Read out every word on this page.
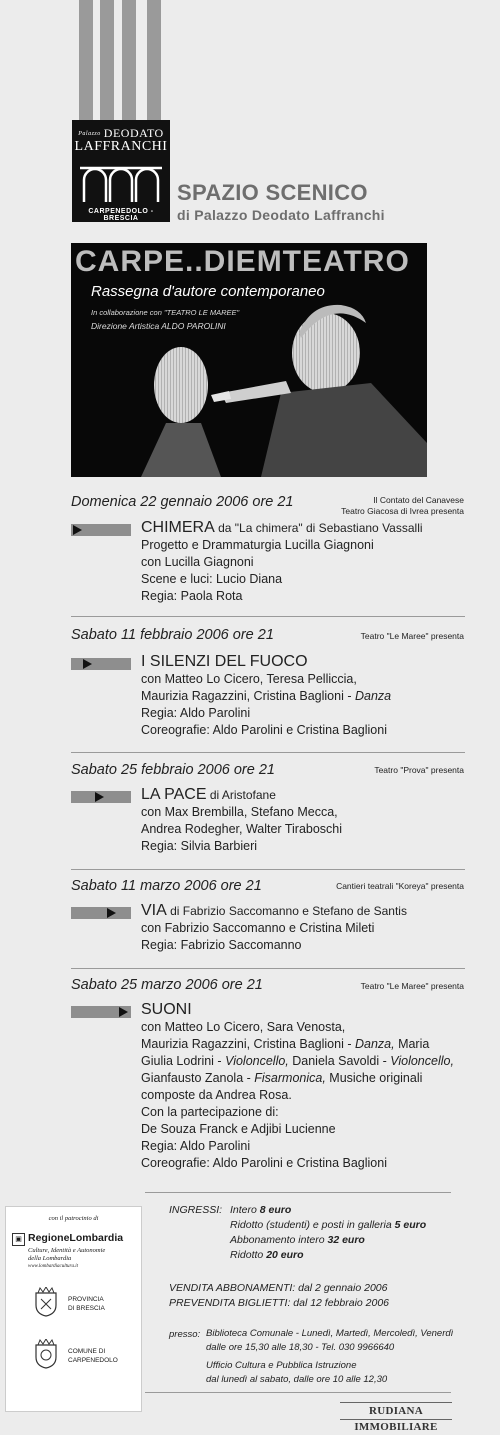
Palazzo DEODATO
LAFFRANCHI
CARPENEDOLO - BRESCIA
SPAZIO SCENICO
di Palazzo Deodato Laffranchi
CARPE..DIEMTEATRO
Rassegna d'autore contemporaneo
In collaborazione con "TEATRO LE MAREE"
Direzione Artistica ALDO PAROLINI
Domenica 22 gennaio 2006 ore 21	Il Contato del Canavese
Teatro Giacosa di Ivrea presenta
CHIMERA da "La chimera" di Sebastiano Vassalli
Progetto e Drammaturgia Lucilla Giagnoni
con Lucilla Giagnoni
Scene e luci: Lucio Diana
Regia: Paola Rota
Sabato 11 febbraio 2006 ore 21	Teatro "Le Maree" presenta
I SILENZI DEL FUOCO
con Matteo Lo Cicero, Teresa Pelliccia,
Maurizia Ragazzini, Cristina Baglioni - Danza
Regia: Aldo Parolini
Coreografie: Aldo Parolini e Cristina Baglioni
Sabato 25 febbraio 2006 ore 21	Teatro "Prova" presenta
LA PACE di Aristofane
con Max Brembilla, Stefano Mecca,
Andrea Rodegher, Walter Tiraboschi
Regia: Silvia Barbieri
Sabato 11 marzo 2006 ore 21	Cantieri teatrali "Koreya" presenta
VIA di Fabrizio Saccomanno e Stefano de Santis
con Fabrizio Saccomanno e Cristina Mileti
Regia: Fabrizio Saccomanno
Sabato 25 marzo 2006 ore 21	Teatro "Le Maree" presenta
SUONI
con Matteo Lo Cicero, Sara Venosta,
Maurizia Ragazzini, Cristina Baglioni - Danza, Maria
Giulia Lodrini - Violoncello, Daniela Savoldi - Violoncello,
Gianfausto Zanola - Fisarmonica, Musiche originali
composte da Andrea Rosa.
Con la partecipazione di:
De Souza Franck e Adjibi Lucienne
Regia: Aldo Parolini
Coreografie: Aldo Parolini e Cristina Baglioni
con il patrocinio di
▣ RegioneLombardia
Culture, Identità e Autonomie
della Lombardia
www.lombardiacultura.it
PROVINCIA
DI BRESCIA
COMUNE DI
CARPENEDOLO
INGRESSI: Intero 8 euro
Ridotto (studenti) e posti in galleria 5 euro
Abbonamento intero 32 euro
Ridotto 20 euro
VENDITA ABBONAMENTI: dal 2 gennaio 2006
PREVENDITA BIGLIETTI: dal 12 febbraio 2006
presso: Biblioteca Comunale - Lunedì, Martedì, Mercoledì, Venerdì
dalle ore 15,30 alle 18,30 - Tel. 030 9966640
Ufficio Cultura e Pubblica Istruzione
dal lunedì al sabato, dalle ore 10 alle 12,30
RUDIANA IMMOBILIARE
